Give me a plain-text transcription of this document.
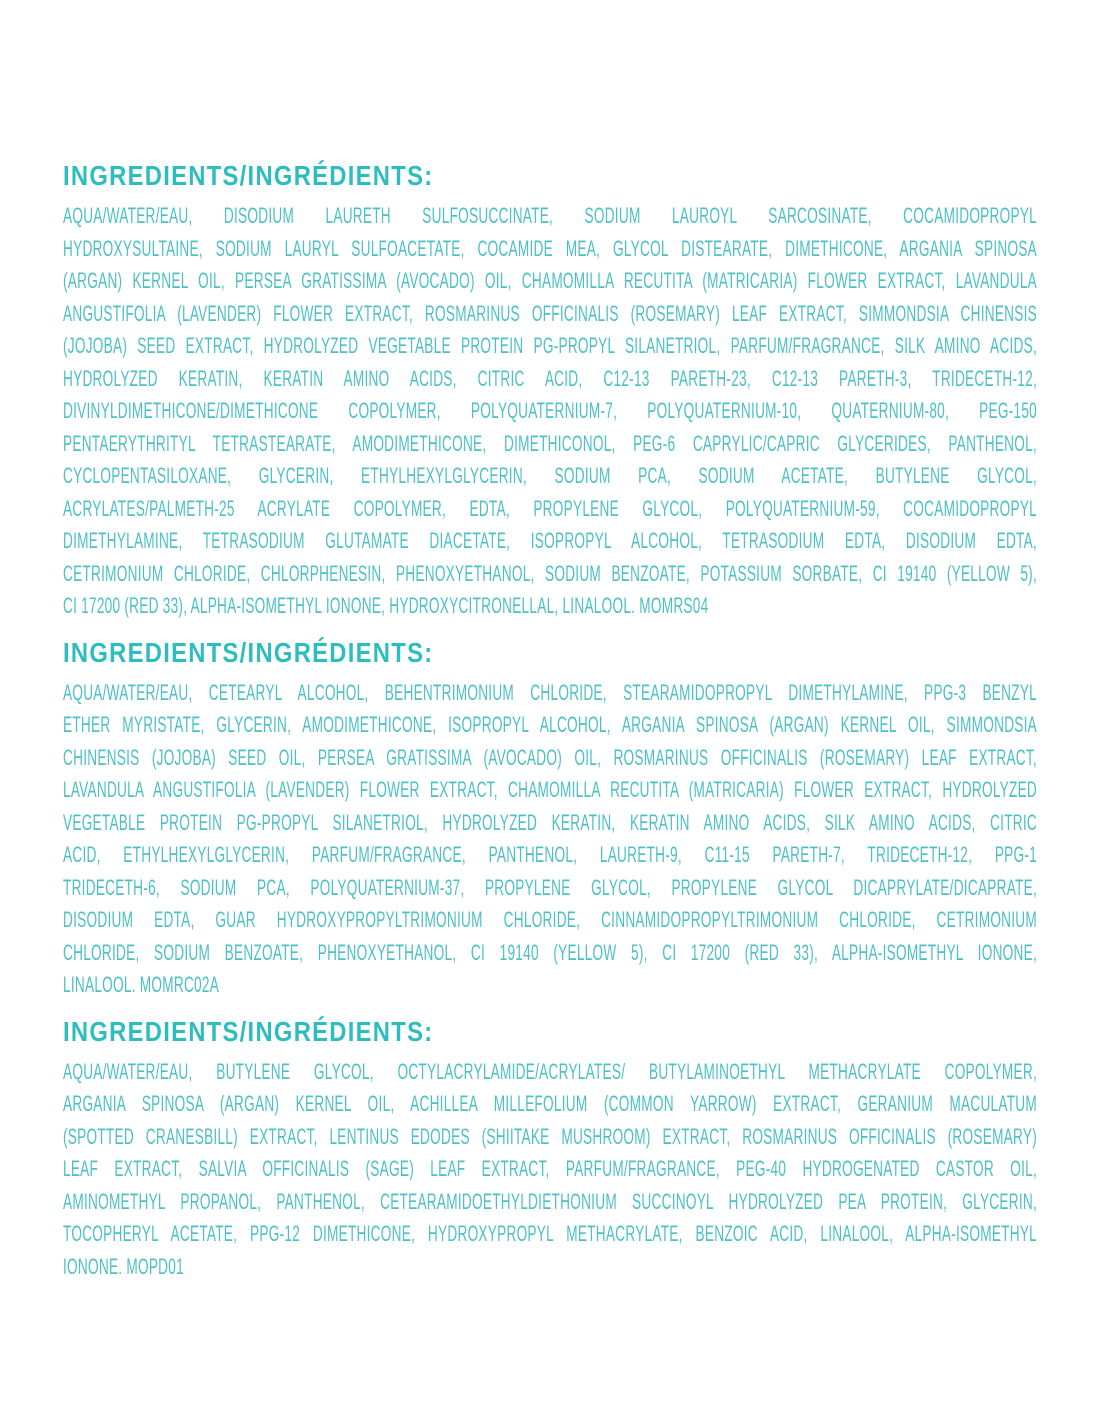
INGREDIENTS/INGRÉDIENTS:
AQUA/WATER/EAU, DISODIUM LAURETH SULFOSUCCINATE, SODIUM LAUROYL SARCOSINATE, COCAMIDOPROPYL
HYDROXYSULTAINE, SODIUM LAURYL SULFOACETATE, COCAMIDE MEA, GLYCOL DISTEARATE, DIMETHICONE, ARGANIA SPINOSA
(ARGAN) KERNEL OIL, PERSEA GRATISSIMA (AVOCADO) OIL, CHAMOMILLA RECUTITA (MATRICARIA) FLOWER EXTRACT, LAVANDULA
ANGUSTIFOLIA (LAVENDER) FLOWER EXTRACT, ROSMARINUS OFFICINALIS (ROSEMARY) LEAF EXTRACT, SIMMONDSIA CHINENSIS
(JOJOBA) SEED EXTRACT, HYDROLYZED VEGETABLE PROTEIN PG-PROPYL SILANETRIOL, PARFUM/FRAGRANCE, SILK AMINO ACIDS,
HYDROLYZED KERATIN, KERATIN AMINO ACIDS, CITRIC ACID, C12-13 PARETH-23, C12-13 PARETH-3, TRIDECETH-12,
DIVINYLDIMETHICONE/DIMETHICONE COPOLYMER, POLYQUATERNIUM-7, POLYQUATERNIUM-10, QUATERNIUM-80, PEG-150
PENTAERYTHRITYL TETRASTEARATE, AMODIMETHICONE, DIMETHICONOL, PEG-6 CAPRYLIC/CAPRIC GLYCERIDES, PANTHENOL,
CYCLOPENTASILOXANE, GLYCERIN, ETHYLHEXYLGLYCERIN, SODIUM PCA, SODIUM ACETATE, BUTYLENE GLYCOL,
ACRYLATES/PALMETH-25 ACRYLATE COPOLYMER, EDTA, PROPYLENE GLYCOL, POLYQUATERNIUM-59, COCAMIDOPROPYL
DIMETHYLAMINE, TETRASODIUM GLUTAMATE DIACETATE, ISOPROPYL ALCOHOL, TETRASODIUM EDTA, DISODIUM EDTA,
CETRIMONIUM CHLORIDE, CHLORPHENESIN, PHENOXYETHANOL, SODIUM BENZOATE, POTASSIUM SORBATE, CI 19140 (YELLOW 5),
CI 17200 (RED 33), ALPHA-ISOMETHYL IONONE, HYDROXYCITRONELLAL, LINALOOL. MOMRS04
INGREDIENTS/INGRÉDIENTS:
AQUA/WATER/EAU, CETEARYL ALCOHOL, BEHENTRIMONIUM CHLORIDE, STEARAMIDOPROPYL DIMETHYLAMINE, PPG-3 BENZYL
ETHER MYRISTATE, GLYCERIN, AMODIMETHICONE, ISOPROPYL ALCOHOL, ARGANIA SPINOSA (ARGAN) KERNEL OIL, SIMMONDSIA
CHINENSIS (JOJOBA) SEED OIL, PERSEA GRATISSIMA (AVOCADO) OIL, ROSMARINUS OFFICINALIS (ROSEMARY) LEAF EXTRACT,
LAVANDULA ANGUSTIFOLIA (LAVENDER) FLOWER EXTRACT, CHAMOMILLA RECUTITA (MATRICARIA) FLOWER EXTRACT, HYDROLYZED
VEGETABLE PROTEIN PG-PROPYL SILANETRIOL, HYDROLYZED KERATIN, KERATIN AMINO ACIDS, SILK AMINO ACIDS, CITRIC
ACID, ETHYLHEXYLGLYCERIN, PARFUM/FRAGRANCE, PANTHENOL, LAURETH-9, C11-15 PARETH-7, TRIDECETH-12, PPG-1
TRIDECETH-6, SODIUM PCA, POLYQUATERNIUM-37, PROPYLENE GLYCOL, PROPYLENE GLYCOL DICAPRYLATE/DICAPRATE,
DISODIUM EDTA, GUAR HYDROXYPROPYLTRIMONIUM CHLORIDE, CINNAMIDOPROPYLTRIMONIUM CHLORIDE, CETRIMONIUM
CHLORIDE, SODIUM BENZOATE, PHENOXYETHANOL, CI 19140 (YELLOW 5), CI 17200 (RED 33), ALPHA-ISOMETHYL IONONE,
LINALOOL. MOMRC02A
INGREDIENTS/INGRÉDIENTS:
AQUA/WATER/EAU, BUTYLENE GLYCOL, OCTYLACRYLAMIDE/ACRYLATES/ BUTYLAMINOETHYL METHACRYLATE COPOLYMER,
ARGANIA SPINOSA (ARGAN) KERNEL OIL, ACHILLEA MILLEFOLIUM (COMMON YARROW) EXTRACT, GERANIUM MACULATUM
(SPOTTED CRANESBILL) EXTRACT, LENTINUS EDODES (SHIITAKE MUSHROOM) EXTRACT, ROSMARINUS OFFICINALIS (ROSEMARY)
LEAF EXTRACT, SALVIA OFFICINALIS (SAGE) LEAF EXTRACT, PARFUM/FRAGRANCE, PEG-40 HYDROGENATED CASTOR OIL,
AMINOMETHYL PROPANOL, PANTHENOL, CETEARAMIDOETHYLDIETHONIUM SUCCINOYL HYDROLYZED PEA PROTEIN, GLYCERIN,
TOCOPHERYL ACETATE, PPG-12 DIMETHICONE, HYDROXYPROPYL METHACRYLATE, BENZOIC ACID, LINALOOL, ALPHA-ISOMETHYL
IONONE. MOPD01
